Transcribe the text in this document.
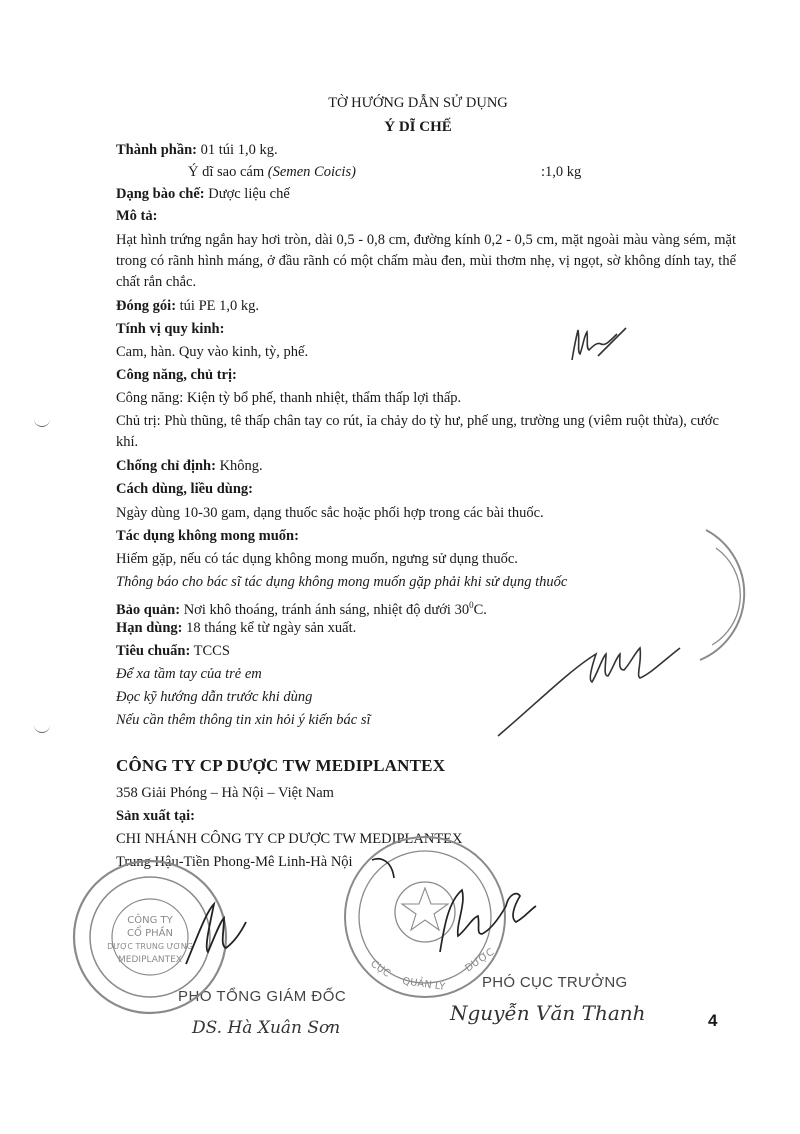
TỜ HƯỚNG DẪN SỬ DỤNG
Ý DĨ CHẾ
Thành phần: 01 túi 1,0 kg.
Ý dĩ sao cám (Semen Coicis)	:1,0 kg
Dạng bào chế: Dược liệu chế
Mô tả:
Hạt hình trứng ngắn hay hơi tròn, dài 0,5 - 0,8 cm, đường kính 0,2 - 0,5 cm, mặt ngoài màu vàng sém, mặt trong có rãnh hình máng, ở đầu rãnh có một chấm màu đen, mùi thơm nhẹ, vị ngọt, sờ không dính tay, thể chất rắn chắc.
Đóng gói: túi PE 1,0 kg.
Tính vị quy kinh:
Cam, hàn. Quy vào kinh, tỳ, phế.
Công năng, chủ trị:
Công năng: Kiện tỳ bổ phế, thanh nhiệt, thẩm thấp lợi thấp.
Chủ trị: Phù thũng, tê thấp chân tay co rút, ỉa chảy do tỳ hư, phế ung, trường ung (viêm ruột thừa), cước khí.
Chống chỉ định: Không.
Cách dùng, liều dùng:
Ngày dùng 10-30 gam, dạng thuốc sắc hoặc phối hợp trong các bài thuốc.
Tác dụng không mong muốn:
Hiếm gặp, nếu có tác dụng không mong muốn, ngưng sử dụng thuốc.
Thông báo cho bác sĩ tác dụng không mong muốn gặp phải khi sử dụng thuốc
Bảo quản: Nơi khô thoáng, tránh ánh sáng, nhiệt độ dưới $30^0C$.
Hạn dùng: 18 tháng kể từ ngày sản xuất.
Tiêu chuẩn: TCCS
Để xa tầm tay của trẻ em
Đọc kỹ hướng dẫn trước khi dùng
Nếu cần thêm thông tin xin hỏi ý kiến bác sĩ
CÔNG TY CP DƯỢC TW MEDIPLANTEX
358 Giải Phóng – Hà Nội – Việt Nam
Sản xuất tại:
CHI NHÁNH CÔNG TY CP DƯỢC TW MEDIPLANTEX
Trung Hậu-Tiền Phong-Mê Linh-Hà Nội
PHÓ TỔNG GIÁM ĐỐC
DS. Hà Xuân Sơn
PHÓ CỤC TRƯỞNG
Nguyễn Văn Thanh	4
CÔNG TY
CỔ PHẦN
DƯỢC TRUNG ƯƠNG
MEDIPLANTEX	CỤC
QUẢN LÝ
DƯỢC
